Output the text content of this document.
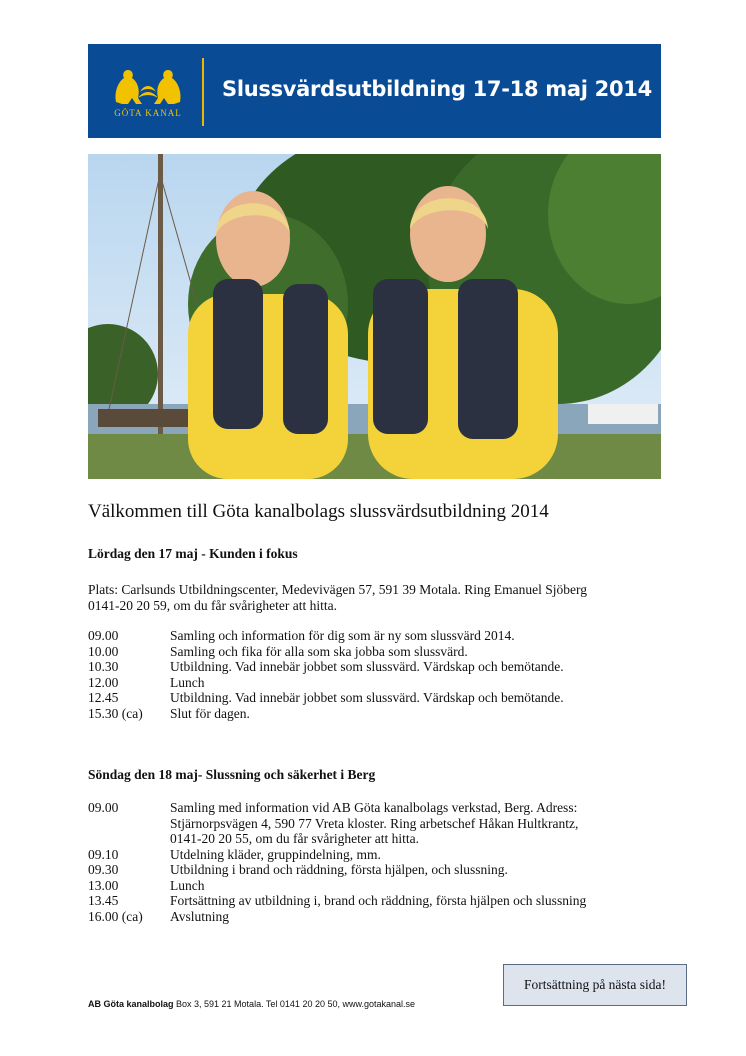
GÖTA KANAL
Slussvärdsutbildning 17-18 maj 2014
Välkommen till Göta kanalbolags slussvärdsutbildning 2014
Lördag den 17 maj - Kunden i fokus
Plats: Carlsunds Utbildningscenter, Medevivägen 57, 591 39 Motala. Ring Emanuel Sjöberg
0141-20 20 59, om du får svårigheter att hitta.
09.00	Samling och information för dig som är ny som slussvärd 2014.
10.00	Samling och fika för alla som ska jobba som slussvärd.
10.30	Utbildning. Vad innebär jobbet som slussvärd. Värdskap och bemötande.
12.00	Lunch
12.45	Utbildning. Vad innebär jobbet som slussvärd. Värdskap och bemötande.
15.30 (ca)	Slut för dagen.
Söndag den 18 maj- Slussning och säkerhet i Berg
09.00	Samling med information vid AB Göta kanalbolags verkstad, Berg. Adress:
Stjärnorpsvägen 4, 590 77 Vreta kloster. Ring arbetschef Håkan Hultkrantz,
0141-20 20 55, om du får svårigheter att hitta.
09.10	Utdelning kläder, gruppindelning, mm.
09.30	Utbildning i brand och räddning, första hjälpen, och slussning.
13.00	Lunch
13.45	Fortsättning av utbildning i, brand och räddning, första hjälpen och slussning
16.00 (ca)	Avslutning
AB Göta kanalbolag Box 3, 591 21 Motala. Tel 0141 20 20 50, www.gotakanal.se
Fortsättning på nästa sida!
